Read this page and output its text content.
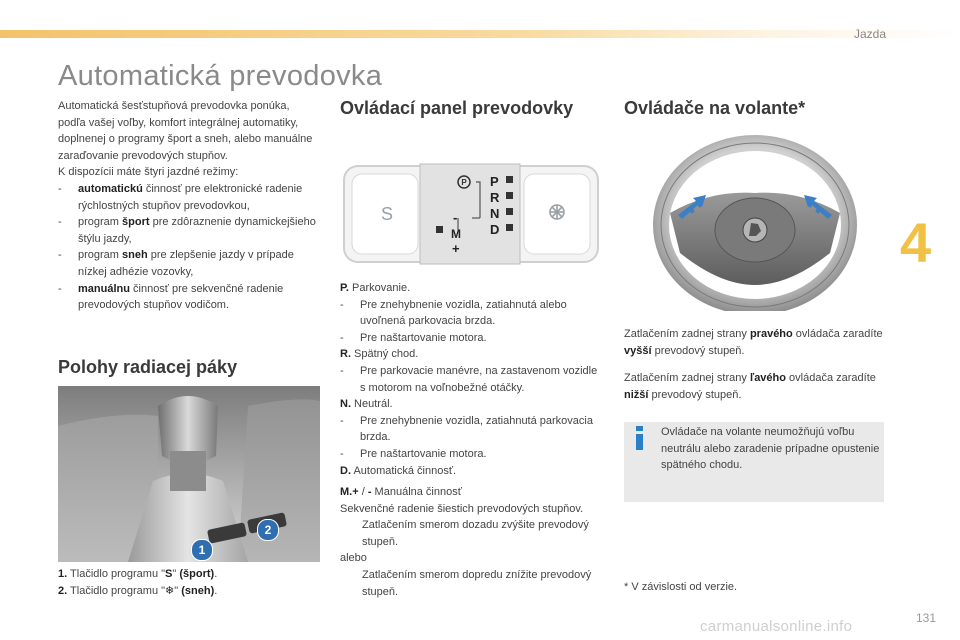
Jazda
4
Automatická prevodovka

Automatická šesťstupňová prevodovka ponúka, podľa vašej voľby, komfort integrálnej automatiky, doplnenej o programy šport a sneh, alebo manuálne zaraďovanie prevodových stupňov.

K dispozícii máte štyri jazdné režimy:

- automatickú činnosť pre elektronické radenie rýchlostných stupňov prevodovkou,
- program šport pre zdôraznenie dynamickejšieho štýlu jazdy,
- program sneh pre zlepšenie jazdy v prípade nízkej adhézie vozovky,
- manuálnu činnosť pre sekvenčné radenie prevodových stupňov vodičom.
Polohy radiacej páky
1
2
1. Tlačidlo programu "S" (šport).
2. Tlačidlo programu "❄" (sneh).
Ovládací panel prevodovky
S
P P
R
N
D
-
M
+
P. Parkovanie.
- Pre znehybnenie vozidla, zatiahnutá alebo uvoľnená parkovacia brzda.
- Pre naštartovanie motora.
R. Spätný chod.
- Pre parkovacie manévre, na zastavenom vozidle s motorom na voľnobežné otáčky.
N. Neutrál.
- Pre znehybnenie vozidla, zatiahnutá parkovacia brzda.
- Pre naštartovanie motora.
D. Automatická činnosť.
M.+ / - Manuálna činnosť

Sekvenčné radenie šiestich prevodových stupňov.

Zatlačením smerom dozadu zvýšite prevodový stupeň.

alebo

Zatlačením smerom dopredu znížite prevodový stupeň.
Ovládače na volante*
Zatlačením zadnej strany pravého ovládača zaradíte vyšší prevodový stupeň.
Zatlačením zadnej strany ľavého ovládača zaradíte nižší prevodový stupeň.
Ovládače na volante neumožňujú voľbu neutrálu alebo zaradenie prípadne opustenie spätného chodu.
* V závislosti od verzie.
carmanualsonline.info	131
